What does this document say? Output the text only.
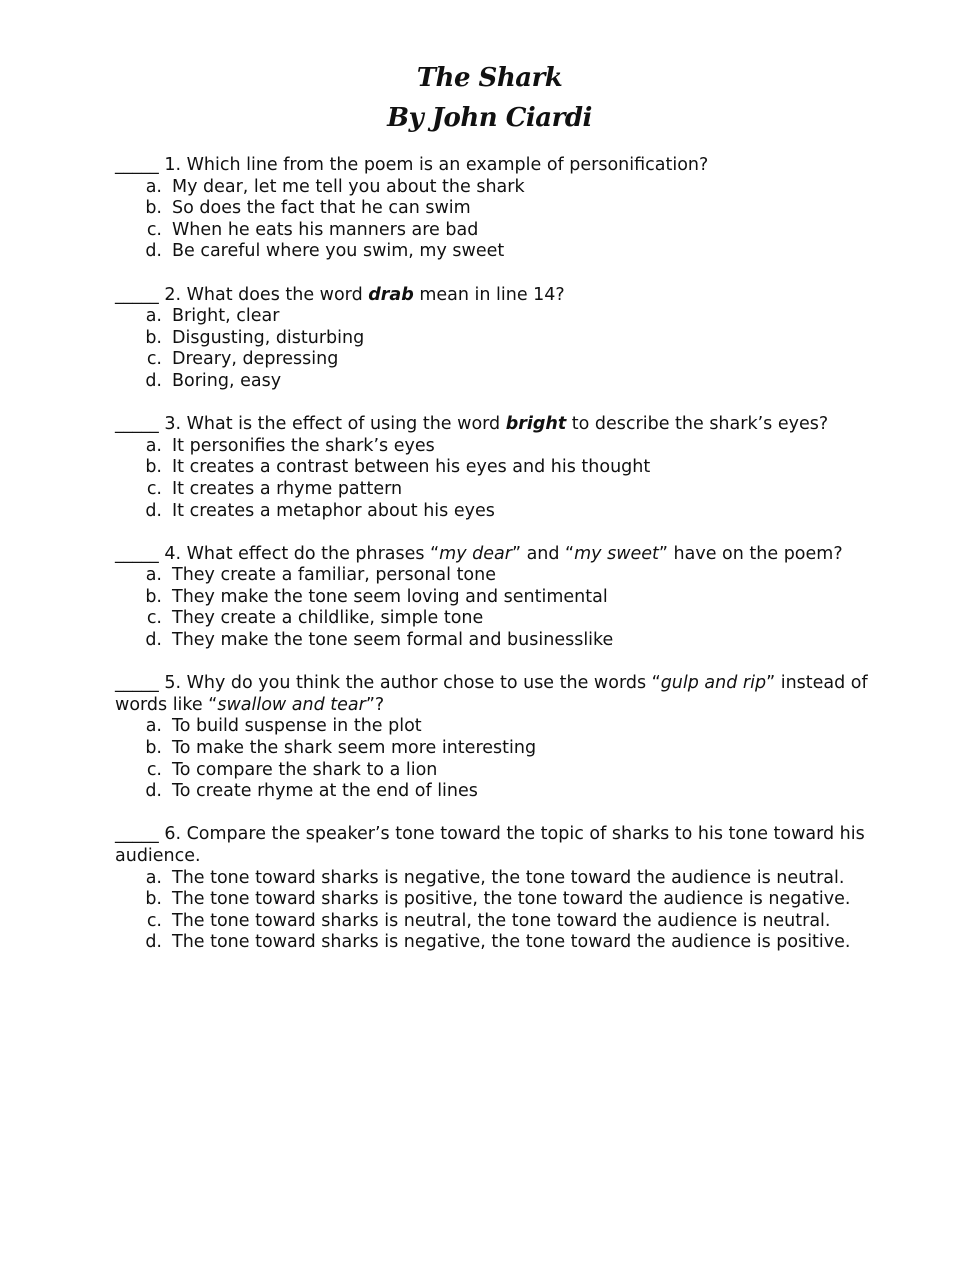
The Shark
By John Ciardi
_____ 1. Which line from the poem is an example of personification?
a. My dear, let me tell you about the shark
b. So does the fact that he can swim
c. When he eats his manners are bad
d. Be careful where you swim, my sweet
_____ 2. What does the word drab mean in line 14?
a. Bright, clear
b. Disgusting, disturbing
c. Dreary, depressing
d. Boring, easy
_____ 3. What is the effect of using the word bright to describe the shark’s eyes?
a. It personifies the shark’s eyes
b. It creates a contrast between his eyes and his thought
c. It creates a rhyme pattern
d. It creates a metaphor about his eyes
_____ 4. What effect do the phrases “my dear” and “my sweet” have on the poem?
a. They create a familiar, personal tone
b. They make the tone seem loving and sentimental
c. They create a childlike, simple tone
d. They make the tone seem formal and businesslike
_____ 5. Why do you think the author chose to use the words “gulp and rip” instead of words like “swallow and tear”?
a. To build suspense in the plot
b. To make the shark seem more interesting
c. To compare the shark to a lion
d. To create rhyme at the end of lines
_____ 6. Compare the speaker’s tone toward the topic of sharks to his tone toward his audience.
a. The tone toward sharks is negative, the tone toward the audience is neutral.
b. The tone toward sharks is positive, the tone toward the audience is negative.
c. The tone toward sharks is neutral, the tone toward the audience is neutral.
d. The tone toward sharks is negative, the tone toward the audience is positive.
